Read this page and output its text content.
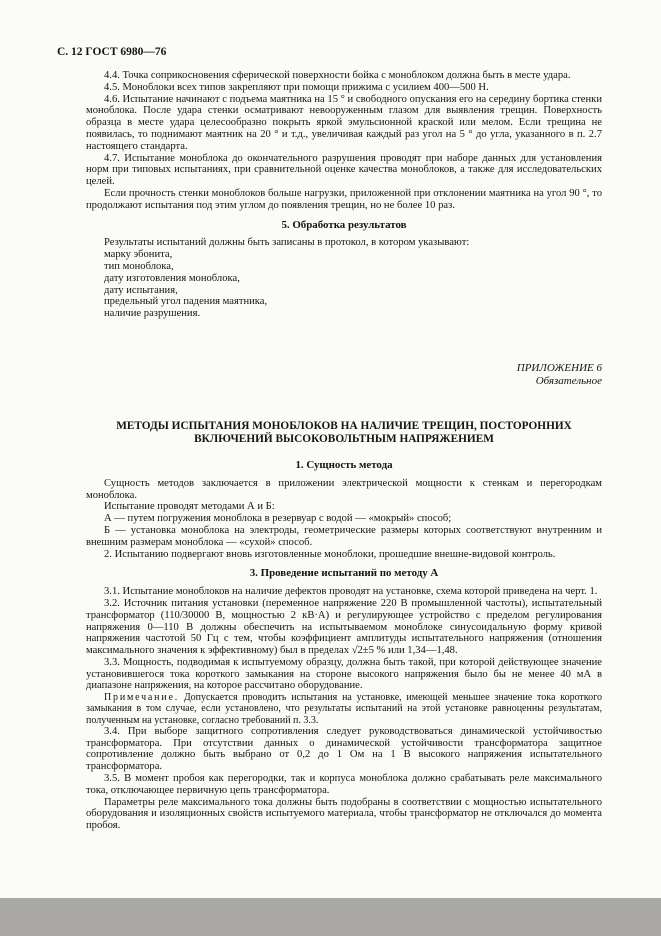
С. 12 ГОСТ 6980—76

4.4. Точка соприкосновения сферической поверхности бойка с моноблоком должна быть в месте удара.

4.5. Моноблоки всех типов закрепляют при помощи прижима с усилием 400—500 Н.

4.6. Испытание начинают с подъема маятника на 15 ° и свободного опускания его на середину бортика стенки моноблока. После удара стенки осматривают невооруженным глазом для выявления трещин. Поверхность образца в месте удара целесообразно покрыть яркой эмульсионной краской или мелом. Если трещина не появилась, то поднимают маятник на 20 ° и т.д., увеличивая каждый раз угол на 5 ° до угла, указанного в п. 2.7 настоящего стандарта.

4.7. Испытание моноблока до окончательного разрушения проводят при наборе данных для установления норм при типовых испытаниях, при сравнительной оценке качества моноблоков, а также для исследовательских целей.

Если прочность стенки моноблоков больше нагрузки, приложенной при отклонении маятника на угол 90 °, то продолжают испытания под этим углом до появления трещин, но не более 10 раз.

5. Обработка результатов

Результаты испытаний должны быть записаны в протокол, в котором указывают:

марку эбонита,
тип моноблока,
дату изготовления моноблока,
дату испытания,
предельный угол падения маятника,
наличие разрушения.

ПРИЛОЖЕНИЕ 6

Обязательное

МЕТОДЫ ИСПЫТАНИЯ МОНОБЛОКОВ НА НАЛИЧИЕ ТРЕЩИН, ПОСТОРОННИХ ВКЛЮЧЕНИЙ ВЫСОКОВОЛЬТНЫМ НАПРЯЖЕНИЕМ

1. Сущность метода

Сущность методов заключается в приложении электрической мощности к стенкам и перегородкам моноблока.

Испытание проводят методами А и Б:

А — путем погружения моноблока в резервуар с водой — «мокрый» способ;

Б — установка моноблока на электроды, геометрические размеры которых соответствуют внутренним и внешним размерам моноблока — «сухой» способ.

2. Испытанию подвергают вновь изготовленные моноблоки, прошедшие внешне-видовой контроль.

3. Проведение испытаний по методу А

3.1. Испытание моноблоков на наличие дефектов проводят на установке, схема которой приведена на черт. 1.

3.2. Источник питания установки (переменное напряжение 220 В промышленной частоты), испытательный трансформатор (110/30000 В, мощностью 2 кВ·А) и регулирующее устройство с пределом регулирования напряжения 0—110 В должны обеспечить на испытываемом моноблоке синусоидальную форму кривой напряжения частотой 50 Гц с тем, чтобы коэффициент амплитуды испытательного напряжения (отношения максимального значения к эффективному) был в пределах √2±5 % или 1,34—1,48.

3.3. Мощность, подводимая к испытуемому образцу, должна быть такой, при которой действующее значение установившегося тока короткого замыкания на стороне высокого напряжения было бы не менее 40 мА в диапазоне напряжения, на которое рассчитано оборудование.

Примечание. Допускается проводить испытания на установке, имеющей меньшее значение тока короткого замыкания в том случае, если установлено, что результаты испытаний на этой установке равноценны результатам, полученным на установке, согласно требований п. 3.3.

3.4. При выборе защитного сопротивления следует руководствоваться динамической устойчивостью трансформатора. При отсутствии данных о динамической устойчивости трансформатора защитное сопротивление должно быть выбрано от 0,2 до 1 Ом на 1 В высокого напряжения испытательного трансформатора.

3.5. В момент пробоя как перегородки, так и корпуса моноблока должно срабатывать реле максимального тока, отключающее первичную цепь трансформатора.

Параметры реле максимального тока должны быть подобраны в соответствии с мощностью испытательного оборудования и изоляционных свойств испытуемого материала, чтобы трансформатор не отключался до момента пробоя.
